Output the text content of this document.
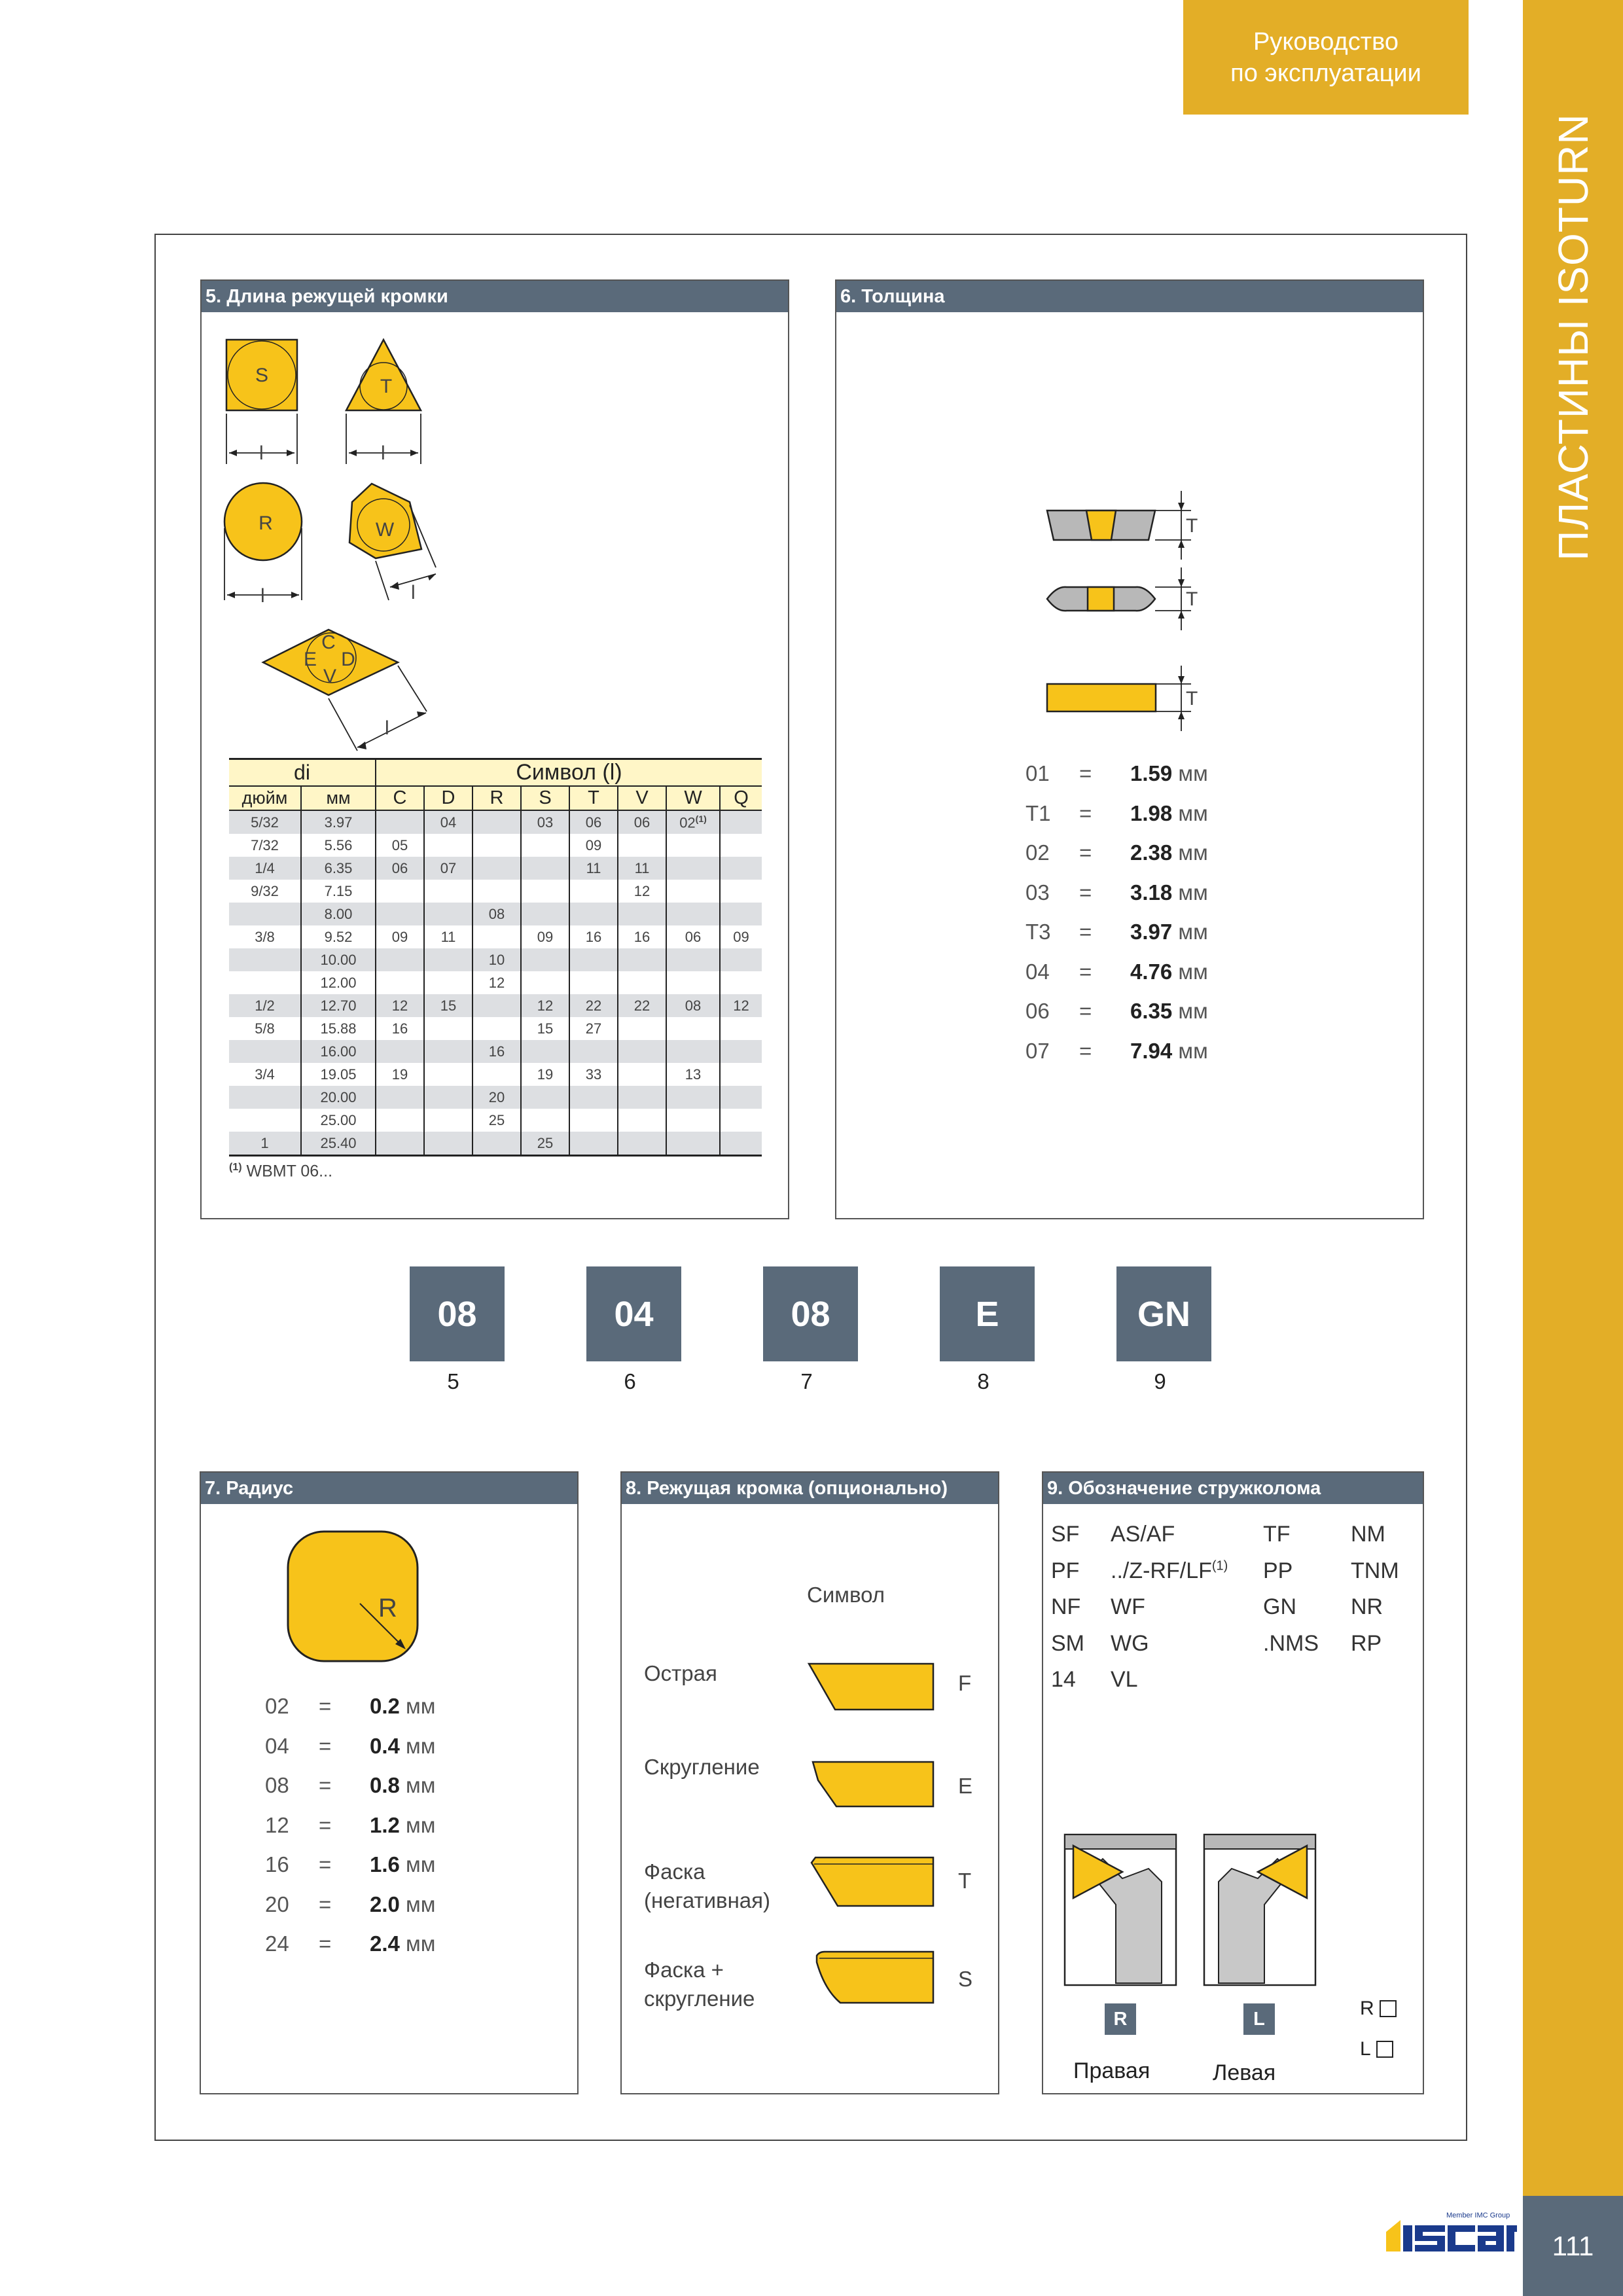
ПЛАСТИНЫ ISOTURN
Руководство
по эксплуатации
111
Member IMC Group
5. Длина режущей кромки
S
T
R	W
C
E D
V
l	l
l	l
l
di		Символ (l)							
дюйм	мм	C	D	R	S	T	V	W	Q
5/32	3.97		04		03	06	06	02$^{(1)}$	
7/32	5.56	05				09			
1/4	6.35	06	07			11	11		
9/32	7.15						12		
	8.00			08					
3/8	9.52	09	11		09	16	16	06	09
	10.00			10					
	12.00			12					
1/2	12.70	12	15		12	22	22	08	12
5/8	15.88	16			15	27			
	16.00			16					
3/4	19.05	19			19	33		13	
	20.00			20					
	25.00			25					
1	25.40				25				
$^{(1)}$ WBMT 06...
6. Толщина
T
T
T
01 = 1.59 мм
T1 = 1.98 мм
02 = 2.38 мм
03 = 3.18 мм
T3 = 3.97 мм
04 = 4.76 мм
06 = 6.35 мм
07 = 7.94 мм
08
5
04
6
08
7
E
8
GN
9
7. Радиус
R
02 = 0.2 мм
04 = 0.4 мм
08 = 0.8 мм
12 = 1.2 мм
16 = 1.6 мм
20 = 2.0 мм
24 = 2.4 мм
8. Режущая кромка (опционально)
Символ
Острая	F
Скругление
E
Фаска
(негативная)
T
Фаска +
скругление
S
9. Обозначение стружколома
SF AS/AF	TF	NM
PF ../Z-RF/LF$^{(1)}$ PP	TNM
NF WF	GN NR
SM WG	.NMS RP
14 VL
R	L
Правая	Левая
R
L
